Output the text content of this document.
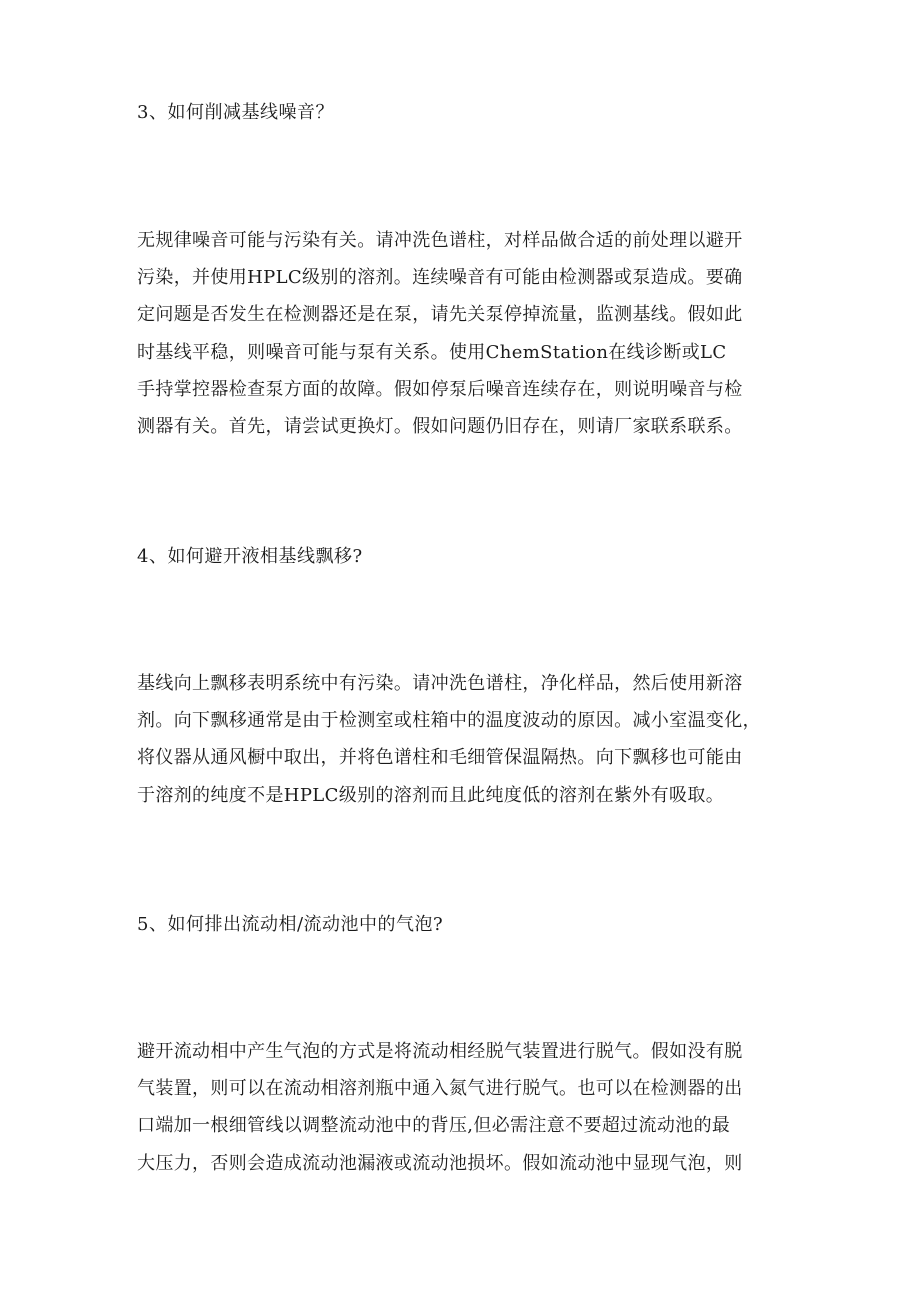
3、如何削减基线噪音？
无规律噪音可能与污染有关。请冲洗色谱柱，对样品做合适的前处理以避开
污染，并使用HPLC级别的溶剂。连续噪音有可能由检测器或泵造成。要确
定问题是否发生在检测器还是在泵，请先关泵停掉流量，监测基线。假如此
时基线平稳，则噪音可能与泵有关系。使用ChemStation在线诊断或LC
手持掌控器检查泵方面的故障。假如停泵后噪音连续存在，则说明噪音与检
测器有关。首先，请尝试更换灯。假如问题仍旧存在，则请厂家联系联系。
4、如何避开液相基线飘移?
基线向上飘移表明系统中有污染。请冲洗色谱柱，净化样品，然后使用新溶
剂。向下飘移通常是由于检测室或柱箱中的温度波动的原因。减小室温变化，
将仪器从通风橱中取出，并将色谱柱和毛细管保温隔热。向下飘移也可能由
于溶剂的纯度不是HPLC级别的溶剂而且此纯度低的溶剂在紫外有吸取。
5、如何排出流动相/流动池中的气泡?
避开流动相中产生气泡的方式是将流动相经脱气装置进行脱气。假如没有脱
气装置，则可以在流动相溶剂瓶中通入氮气进行脱气。也可以在检测器的出
口端加一根细管线以调整流动池中的背压,但必需注意不要超过流动池的最
大压力，否则会造成流动池漏液或流动池损坏。假如流动池中显现气泡，则
